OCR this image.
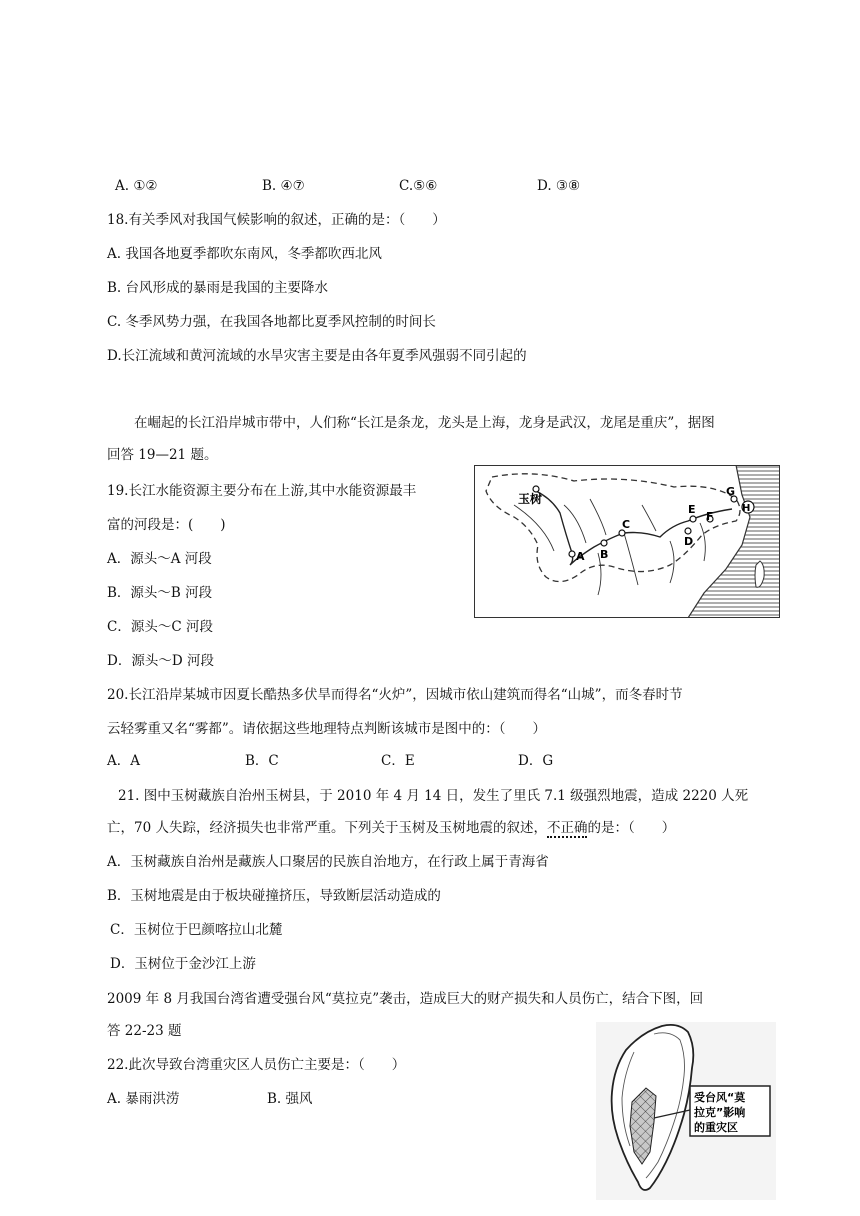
A. ①②	B. ④⑦	C.⑤⑥	D. ③⑧
18.有关季风对我国气候影响的叙述，正确的是：（　　）
A. 我国各地夏季都吹东南风，冬季都吹西北风
B. 台风形成的暴雨是我国的主要降水
C. 冬季风势力强，在我国各地都比夏季风控制的时间长
D.长江流域和黄河流域的水旱灾害主要是由各年夏季风强弱不同引起的
在崛起的长江沿岸城市带中，人们称“长江是条龙，龙头是上海，龙身是武汉，龙尾是重庆”，据图
回答 19—21 题。
19.长江水能资源主要分布在上游,其中水能资源最丰
富的河段是：(　　)
A．源头～A 河段
B．源头～B 河段
C．源头～C 河段
D．源头～D 河段
玉树
A B
C
D
E
F
G
H
20.长江沿岸某城市因夏长酷热多伏旱而得名“火炉”，因城市依山建筑而得名“山城”，而冬春时节
云轻雾重又名“雾都”。请依据这些地理特点判断该城市是图中的：（　　）
A．A	B．C	C．E	D．G
21. 图中玉树藏族自治州玉树县，于 2010 年 4 月 14 日，发生了里氏 7.1 级强烈地震，造成 2220 人死
亡，70 人失踪，经济损失也非常严重。下列关于玉树及玉树地震的叙述，不正确的是：（　　）
A．玉树藏族自治州是藏族人口聚居的民族自治地方，在行政上属于青海省
B．玉树地震是由于板块碰撞挤压，导致断层活动造成的
C．玉树位于巴颜喀拉山北麓
D．玉树位于金沙江上游
2009 年 8 月我国台湾省遭受强台风“莫拉克”袭击，造成巨大的财产损失和人员伤亡，结合下图，回
答 22-23 题
22.此次导致台湾重灾区人员伤亡主要是：（　　）
A. 暴雨洪涝	B. 强风	受台风“莫
拉克”影响
的重灾区
